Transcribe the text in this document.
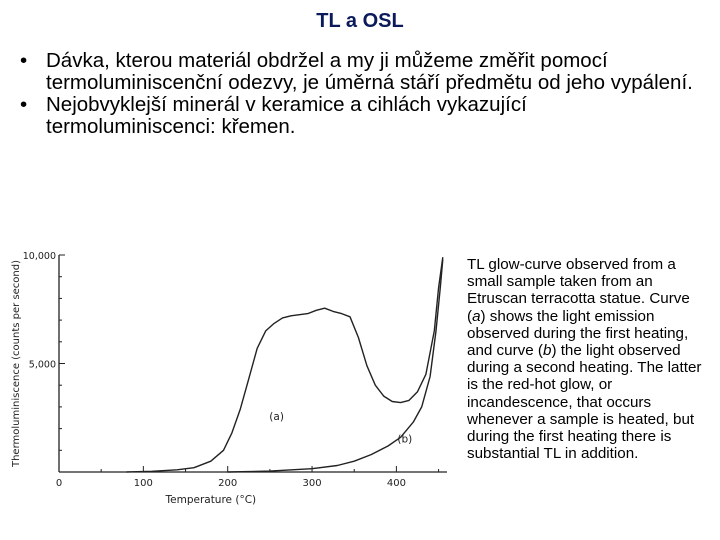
TL a OSL
• Dávka, kterou materiál obdržel a my ji můžeme změřit pomocí termoluminiscenční odezvy, je úměrná stáří předmětu od jeho vypálení.
• Nejobvyklejší minerál v keramice a cihlách vykazující termoluminiscenci: křemen.
0	100	200	300	400
5,000
10,000
Temperature (°C)
Thermoluminiscence (counts per second)	(a)
(b)

TL glow-curve observed from a small sample taken from an Etruscan terracotta statue. Curve (a) shows the light emission observed during the first heating, and curve (b) the light observed during a second heating. The latter is the red-hot glow, or incandescence, that occurs whenever a sample is heated, but during the first heating there is substantial TL in addition.
